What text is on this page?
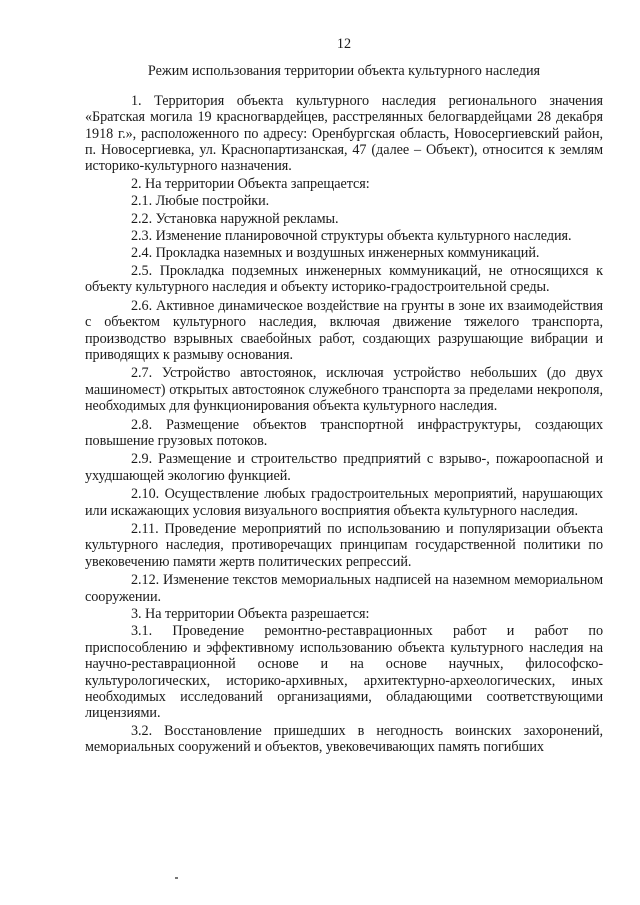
12
Режим использования территории объекта культурного наследия

1. Территория объекта культурного наследия регионального значения «Братская могила 19 красногвардейцев, расстрелянных белогвардейцами 28 декабря 1918 г.», расположенного по адресу: Оренбургская область, Новосергиевский район, п. Новосергиевка, ул. Краснопартизанская, 47 (далее – Объект), относится к землям историко-культурного назначения.

2. На территории Объекта запрещается:

2.1. Любые постройки.

2.2. Установка наружной рекламы.

2.3. Изменение планировочной структуры объекта культурного наследия.

2.4. Прокладка наземных и воздушных инженерных коммуникаций.

2.5. Прокладка подземных инженерных коммуникаций, не относящихся к объекту культурного наследия и объекту историко-градостроительной среды.

2.6. Активное динамическое воздействие на грунты в зоне их взаимодействия с объектом культурного наследия, включая движение тяжелого транспорта, производство взрывных сваебойных работ, создающих разрушающие вибрации и приводящих к размыву основания.

2.7. Устройство автостоянок, исключая устройство небольших (до двух машиномест) открытых автостоянок служебного транспорта за пределами некрополя, необходимых для функционирования объекта культурного наследия.

2.8. Размещение объектов транспортной инфраструктуры, создающих повышение грузовых потоков.

2.9. Размещение и строительство предприятий с взрыво-, пожароопасной и ухудшающей экологию функцией.

2.10. Осуществление любых градостроительных мероприятий, нарушающих или искажающих условия визуального восприятия объекта культурного наследия.

2.11. Проведение мероприятий по использованию и популяризации объекта культурного наследия, противоречащих принципам государственной политики по увековечению памяти жертв политических репрессий.

2.12. Изменение текстов мемориальных надписей на наземном мемориальном сооружении.

3. На территории Объекта разрешается:

3.1. Проведение ремонтно-реставрационных работ и работ по приспособлению и эффективному использованию объекта культурного наследия на научно-реставрационной основе и на основе научных, философско-культурологических, историко-архивных, архитектурно-археологических, иных необходимых исследований организациями, обладающими соответствующими лицензиями.

3.2. Восстановление пришедших в негодность воинских захоронений, мемориальных сооружений и объектов, увековечивающих память погибших
